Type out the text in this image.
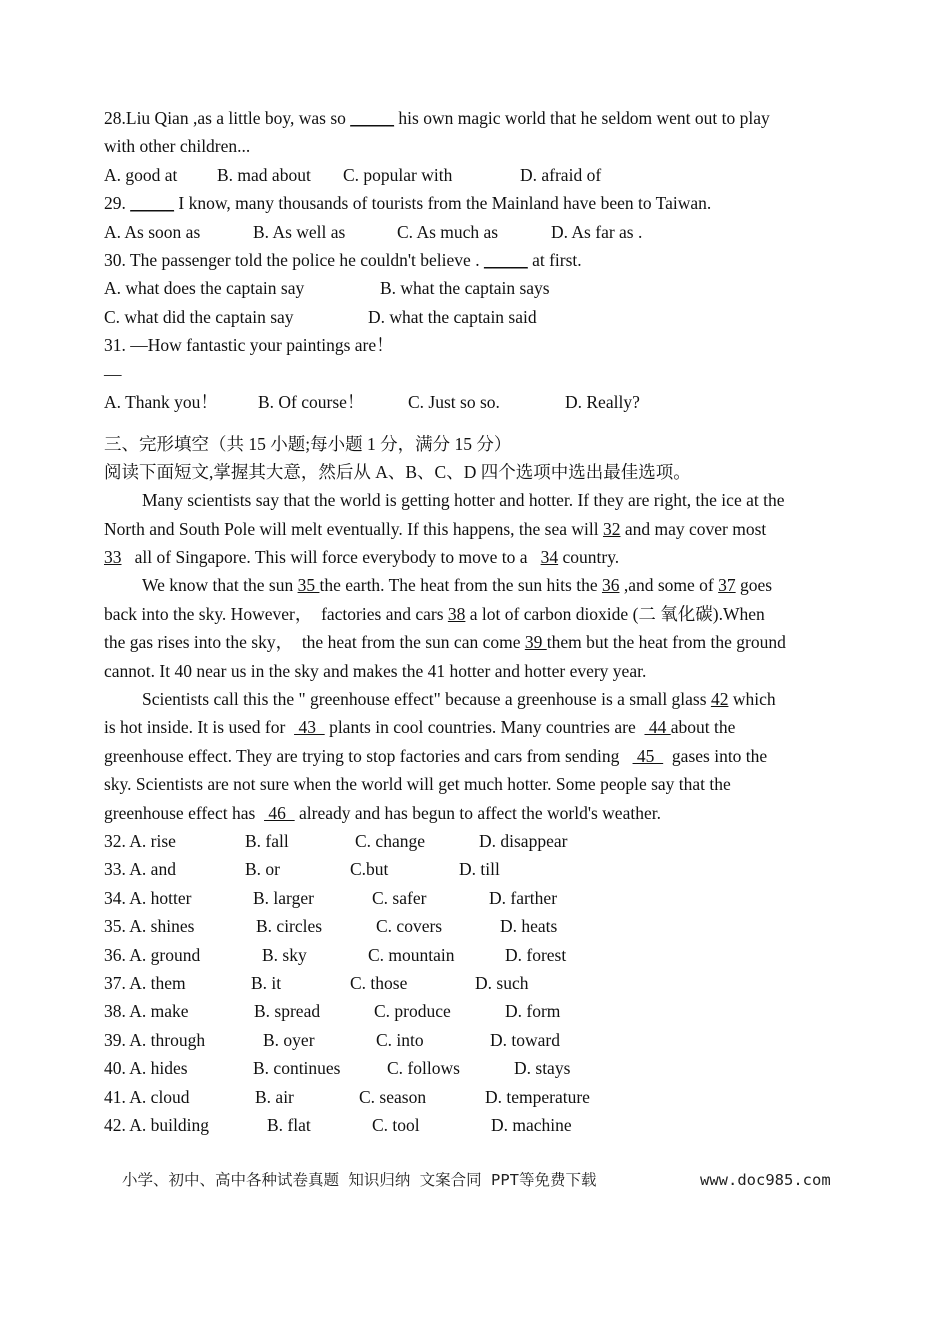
28.Liu Qian ,as a little boy, was so _____ his own magic world that he seldom went out to play
with other children...
A. good at B. mad about C. popular with	D. afraid of
29. _____ I know, many thousands of tourists from the Mainland have been to Taiwan.
A. As soon as	B. As well as	C. As much as	D. As far as .
30. The passenger told the police he couldn't believe . _____ at first.
A. what does the captain say	B. what the captain says
C. what did the captain say	D. what the captain said
31. —How fantastic your paintings are！
—
A. Thank you！ B. Of course！ C. Just so so.	D. Really?
三、完形填空（共 15 小题;每小题 1 分，满分 15 分）
阅读下面短文,掌握其大意，然后从 A、B、C、D 四个选项中选出最佳选项。
Many scientists say that the world is getting hotter and hotter. If they are right, the ice at the
North and South Pole will melt eventually. If this happens, the sea will 32 and may cover most
33   all of Singapore. This will force everybody to move to a   34 country.
We know that the sun 35 the earth. The heat from the sun hits the 36 ,and some of 37 goes
back into the sky. However，  factories and cars 38 a lot of carbon dioxide (二 氧化碳).When
the gas rises into the sky，  the heat from the sun can come 39 them but the heat from the ground
cannot. It 40 near us in the sky and makes the 41 hotter and hotter every year.
Scientists call this the " greenhouse effect" because a greenhouse is a small glass 42 which
is hot inside. It is used for   43   plants in cool countries. Many countries are   44 about the
greenhouse effect. They are trying to stop factories and cars from sending    45    gases into the
sky. Scientists are not sure when the world will get much hotter. Some people say that the
greenhouse effect has   46   already and has begun to affect the world's weather.
32. A. rise	B. fall	C. change	D. disappear
33. A. and	B. or	C.but	D. till
34. A. hotter	B. larger	C. safer	D. farther
35. A. shines	B. circles	C. covers	D. heats
36. A. ground	B. sky	C. mountain	D. forest
37. A. them	B. it	C. those	D. such
38. A. make	B. spread	C. produce	D. form
39. A. through	B. oyer	C. into	D. toward
40. A. hides	B. continues	C. follows	D. stays
41. A. cloud	B. air	C. season	D. temperature
42. A. building	B. flat	C. tool	D. machine
小学、初中、高中各种试卷真题 知识归纳 文案合同 PPT等免费下载	www.doc985.com
